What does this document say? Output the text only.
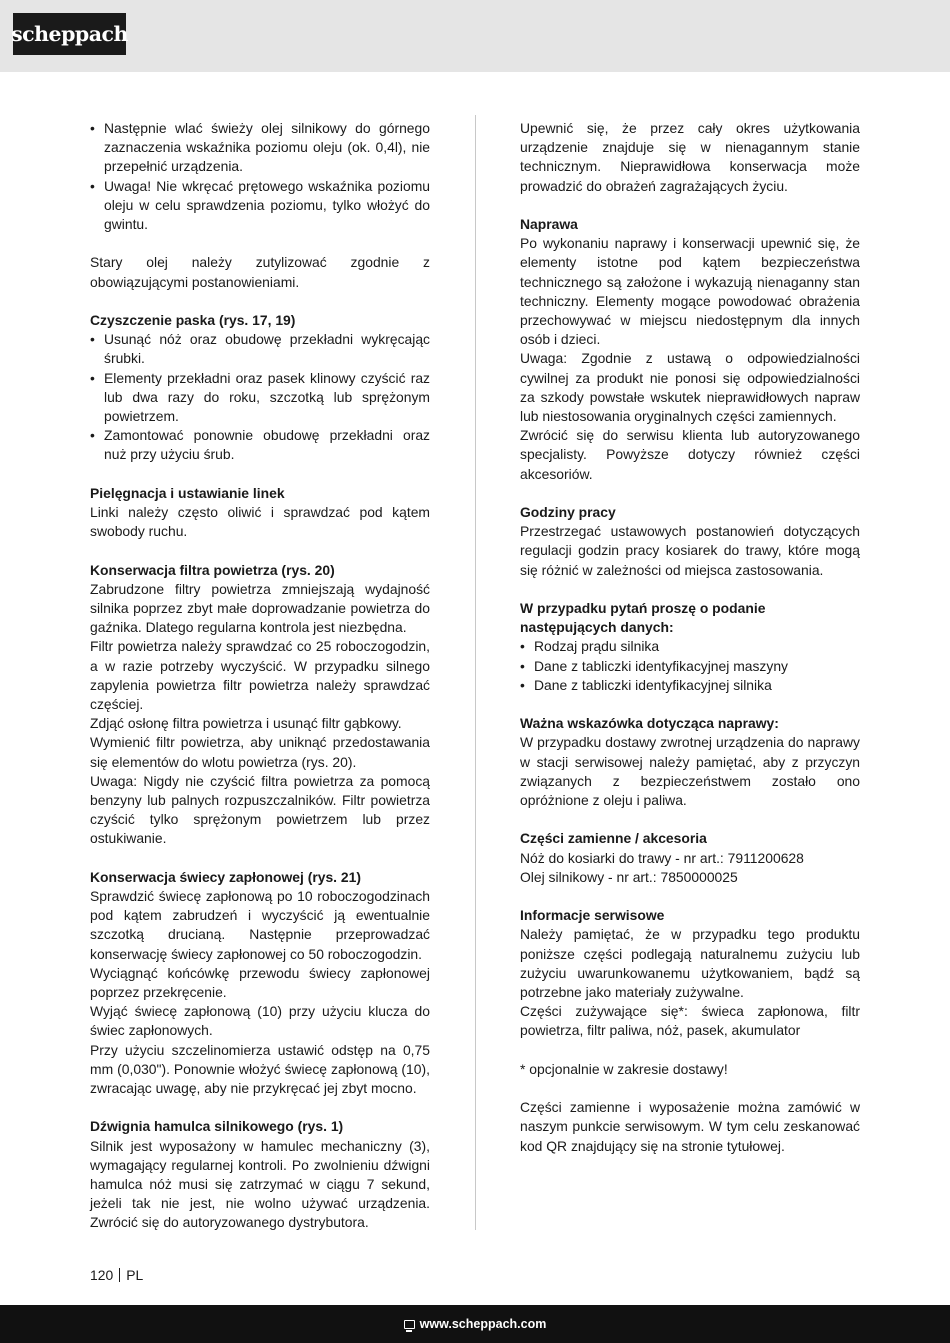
scheppach
• Następnie wlać świeży olej silnikowy do górnego zaznaczenia wskaźnika poziomu oleju (ok. 0,4l), nie przepełnić urządzenia.
• Uwaga! Nie wkręcać prętowego wskaźnika poziomu oleju w celu sprawdzenia poziomu, tylko włożyć do gwintu.

Stary olej należy zutylizować zgodnie z obowiązującymi postanowieniami.

Czyszczenie paska (rys. 17, 19)
• Usunąć nóż oraz obudowę przekładni wykręcając śrubki.
• Elementy przekładni oraz pasek klinowy czyścić raz lub dwa razy do roku, szczotką lub sprężonym powietrzem.
• Zamontować ponownie obudowę przekładni oraz nuż przy użyciu śrub.
Pielęgnacja i ustawianie linek

Linki należy często oliwić i sprawdzać pod kątem swobody ruchu.

Konserwacja filtra powietrza (rys. 20)

Zabrudzone filtry powietrza zmniejszają wydajność silnika poprzez zbyt małe doprowadzanie powietrza do gaźnika. Dlatego regularna kontrola jest niezbędna.

Filtr powietrza należy sprawdzać co 25 roboczogodzin, a w razie potrzeby wyczyścić. W przypadku silnego zapylenia powietrza filtr powietrza należy sprawdzać częściej.

Zdjąć osłonę filtra powietrza i usunąć filtr gąbkowy.

Wymienić filtr powietrza, aby uniknąć przedostawania się elementów do wlotu powietrza (rys. 20).

Uwaga: Nigdy nie czyścić filtra powietrza za pomocą benzyny lub palnych rozpuszczalników. Filtr powietrza czyścić tylko sprężonym powietrzem lub przez ostukiwanie.

Konserwacja świecy zapłonowej (rys. 21)

Sprawdzić świecę zapłonową po 10 roboczogodzinach pod kątem zabrudzeń i wyczyścić ją ewentualnie szczotką drucianą. Następnie przeprowadzać konserwację świecy zapłonowej co 50 roboczogodzin.

Wyciągnąć końcówkę przewodu świecy zapłonowej poprzez przekręcenie.

Wyjąć świecę zapłonową (10) przy użyciu klucza do świec zapłonowych.

Przy użyciu szczelinomierza ustawić odstęp na 0,75 mm (0,030"). Ponownie włożyć świecę zapłonową (10), zwracając uwagę, aby nie przykręcać jej zbyt mocno.

Dźwignia hamulca silnikowego (rys. 1)

Silnik jest wyposażony w hamulec mechaniczny (3), wymagający regularnej kontroli. Po zwolnieniu dźwigni hamulca nóż musi się zatrzymać w ciągu 7 sekund, jeżeli tak nie jest, nie wolno używać urządzenia. Zwrócić się do autoryzowanego dystrybutora.

Upewnić się, że przez cały okres użytkowania urządzenie znajduje się w nienagannym stanie technicznym. Nieprawidłowa konserwacja może prowadzić do obrażeń zagrażających życiu.

Naprawa

Po wykonaniu naprawy i konserwacji upewnić się, że elementy istotne pod kątem bezpieczeństwa technicznego są założone i wykazują nienaganny stan techniczny. Elementy mogące powodować obrażenia przechowywać w miejscu niedostępnym dla innych osób i dzieci.

Uwaga: Zgodnie z ustawą o odpowiedzialności cywilnej za produkt nie ponosi się odpowiedzialności za szkody powstałe wskutek nieprawidłowych napraw lub niestosowania oryginalnych części zamiennych.

Zwrócić się do serwisu klienta lub autoryzowanego specjalisty. Powyższe dotyczy również części akcesoriów.

Godziny pracy

Przestrzegać ustawowych postanowień dotyczących regulacji godzin pracy kosiarek do trawy, które mogą się różnić w zależności od miejsca zastosowania.

W przypadku pytań proszę o podanie następujących danych:
• Rodzaj prądu silnika
• Dane z tabliczki identyfikacyjnej maszyny
• Dane z tabliczki identyfikacyjnej silnika
Ważna wskazówka dotycząca naprawy:

W przypadku dostawy zwrotnej urządzenia do naprawy w stacji serwisowej należy pamiętać, aby z przyczyn związanych z bezpieczeństwem zostało ono opróżnione z oleju i paliwa.

Części zamienne / akcesoria

Nóż do kosiarki do trawy - nr art.: 7911200628

Olej silnikowy - nr art.: 7850000025

Informacje serwisowe

Należy pamiętać, że w przypadku tego produktu poniższe części podlegają naturalnemu zużyciu lub zużyciu uwarunkowanemu użytkowaniem, bądź są potrzebne jako materiały zużywalne.

Części zużywające się*: świeca zapłonowa, filtr powietrza, filtr paliwa, nóż, pasek, akumulator

* opcjonalnie w zakresie dostawy!

Części zamienne i wyposażenie można zamówić w naszym punkcie serwisowym. W tym celu zeskanować kod QR znajdujący się na stronie tytułowej.

120 PL
www.scheppach.com
